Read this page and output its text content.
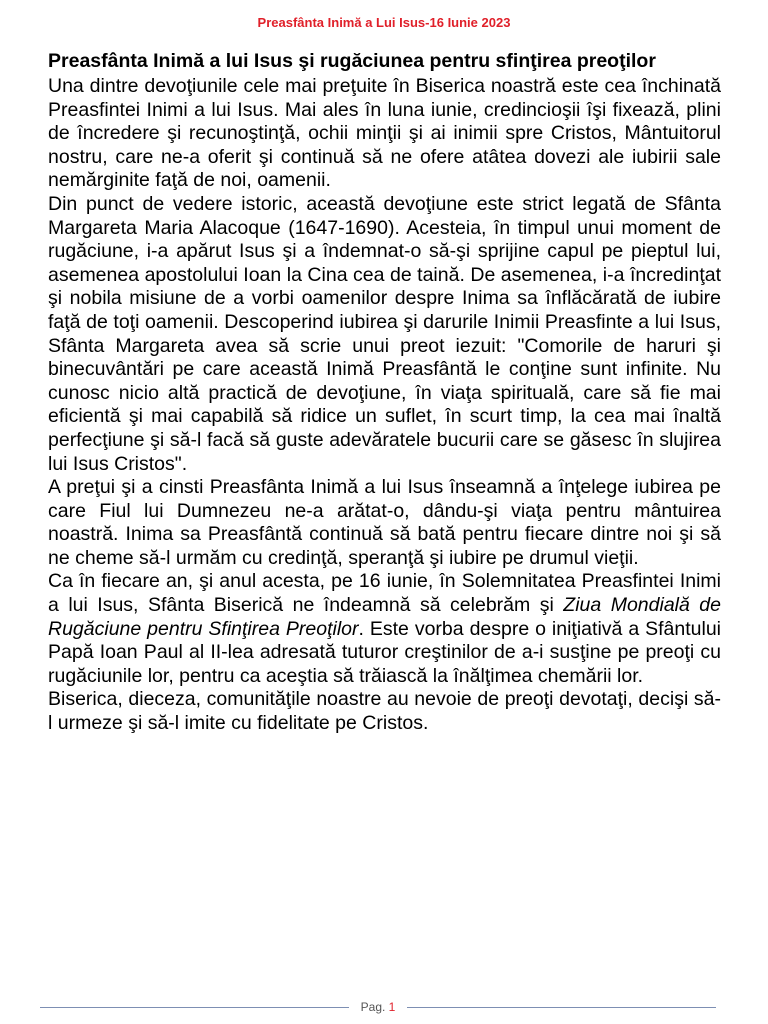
Preasfânta Inimă a Lui Isus-16 Iunie 2023
Preasfânta Inimă a lui Isus şi rugăciunea pentru sfinţirea preoţilor

Una dintre devoţiunile cele mai preţuite în Biserica noastră este cea închinată Preasfintei Inimi a lui Isus. Mai ales în luna iunie, credincioşii îşi fixează, plini de încredere şi recunoştinţă, ochii minţii şi ai inimii spre Cristos, Mântuitorul nostru, care ne-a oferit şi continuă să ne ofere atâtea dovezi ale iubirii sale nemărginite faţă de noi, oamenii.

Din punct de vedere istoric, această devoţiune este strict legată de Sfânta Margareta Maria Alacoque (1647-1690). Acesteia, în timpul unui moment de rugăciune, i-a apărut Isus şi a îndemnat-o să-şi sprijine capul pe pieptul lui, asemenea apostolului Ioan la Cina cea de taină. De asemenea, i-a încredinţat şi nobila misiune de a vorbi oamenilor despre Inima sa înflăcărată de iubire faţă de toţi oamenii. Descoperind iubirea şi darurile Inimii Preasfinte a lui Isus, Sfânta Margareta avea să scrie unui preot iezuit: "Comorile de haruri şi binecuvântări pe care această Inimă Preasfântă le conţine sunt infinite. Nu cunosc nicio altă practică de devoţiune, în viaţa spirituală, care să fie mai eficientă şi mai capabilă să ridice un suflet, în scurt timp, la cea mai înaltă perfecţiune şi să-l facă să guste adevăratele bucurii care se găsesc în slujirea lui Isus Cristos".

A preţui şi a cinsti Preasfânta Inimă a lui Isus înseamnă a înţelege iubirea pe care Fiul lui Dumnezeu ne-a arătat-o, dându-şi viaţa pentru mântuirea noastră. Inima sa Preasfântă continuă să bată pentru fiecare dintre noi şi să ne cheme să-l urmăm cu credinţă, speranţă şi iubire pe drumul vieţii.

Ca în fiecare an, şi anul acesta, pe 16 iunie, în Solemnitatea Preasfintei Inimi a lui Isus, Sfânta Biserică ne îndeamnă să celebrăm şi Ziua Mondială de Rugăciune pentru Sfinţirea Preoţilor. Este vorba despre o iniţiativă a Sfântului Papă Ioan Paul al II-lea adresată tuturor creştinilor de a-i susţine pe preoţi cu rugăciunile lor, pentru ca aceştia să trăiască la înălţimea chemării lor.

Biserica, dieceza, comunităţile noastre au nevoie de preoţi devotaţi, decişi să-l urmeze şi să-l imite cu fidelitate pe Cristos.

Pag. 1
